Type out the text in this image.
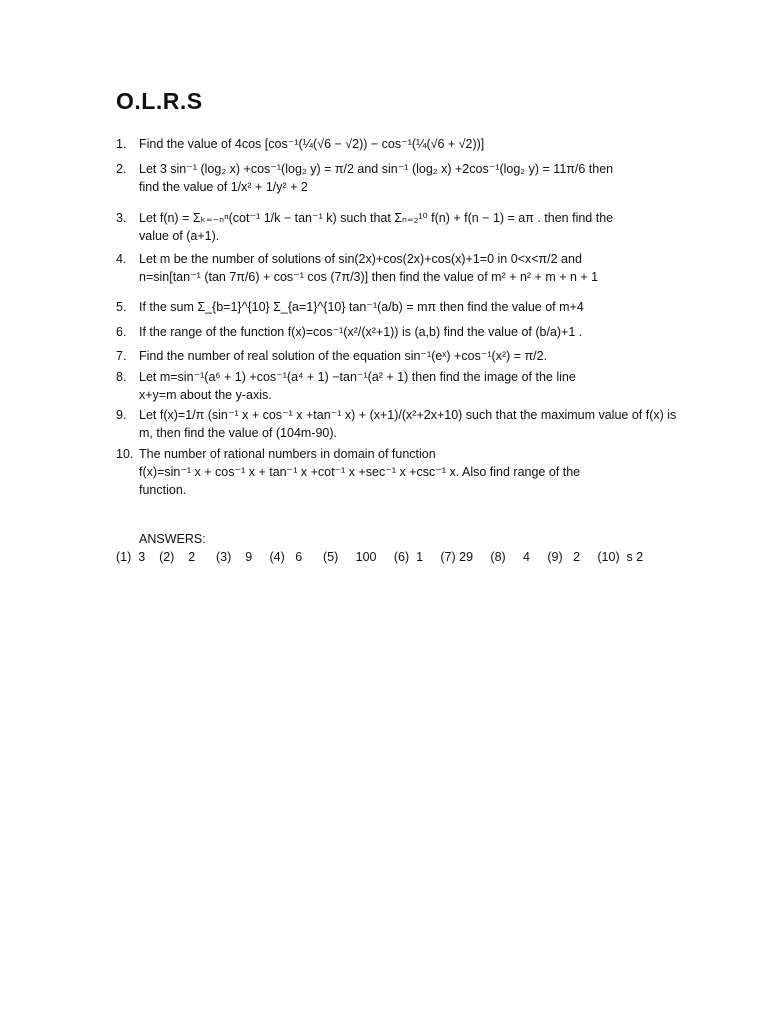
O.L.R.S
1.	Find the value of 4cos [cos⁻¹(¼(√6 − √2)) − cos⁻¹(¼(√6 + √2))]
2.	Let 3 sin⁻¹ (log₂ x) +cos⁻¹(log₂ y) = π/2 and sin⁻¹ (log₂ x) +2cos⁻¹(log₂ y) = 11π/6 then
find the value of 1/x² + 1/y² + 2
3.	Let f(n) = Σₖ₌₋ₙⁿ(cot⁻¹ 1/k − tan⁻¹ k) such that Σₙ₌₂¹⁰ f(n) + f(n − 1) = aπ . then find the
value of (a+1).
4.	Let m be the number of solutions of sin(2x)+cos(2x)+cos(x)+1=0 in 0<x<π/2 and
n=sin[tan⁻¹ (tan 7π/6) + cos⁻¹ cos (7π/3)] then find the value of m² + n² + m + n + 1
5.	If the sum Σ_{b=1}^{10} Σ_{a=1}^{10} tan⁻¹(a/b) = mπ then find the value of m+4
6.	If the range of the function f(x)=cos⁻¹(x²/(x²+1)) is (a,b) find the value of (b/a)+1 .
7.	Find the number of real solution of the equation sin⁻¹(eˣ) +cos⁻¹(x²) = π/2.
8.	Let m=sin⁻¹(a⁶ + 1) +cos⁻¹(a⁴ + 1) −tan⁻¹(a² + 1) then find the image of the line
x+y=m about the y-axis.
9.	Let f(x)=1/π (sin⁻¹ x + cos⁻¹ x +tan⁻¹ x) + (x+1)/(x²+2x+10) such that the maximum value of f(x) is
m, then find the value of (104m-90).
10. The number of rational numbers in domain of function
f(x)=sin⁻¹ x + cos⁻¹ x + tan⁻¹ x +cot⁻¹ x +sec⁻¹ x +csc⁻¹ x. Also find range of the
function.
ANSWERS:
(1)  3    (2)    2      (3)    9     (4)   6      (5)     100     (6)  1     (7) 29     (8)     4     (9)   2     (10)  s 2
